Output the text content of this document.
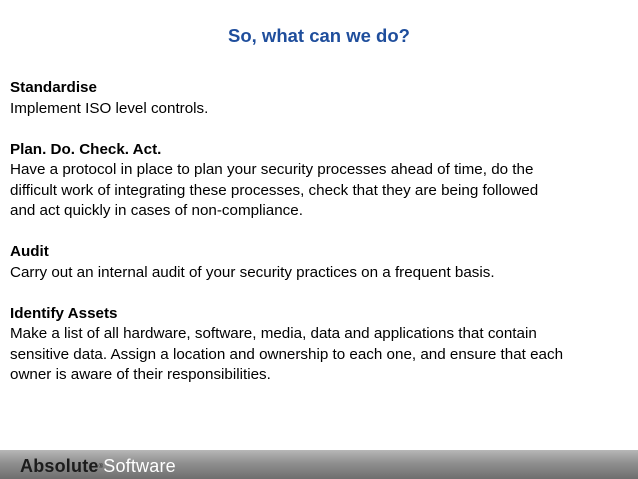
So, what can we do?
Standardise
Implement ISO level controls.
Plan. Do. Check. Act.
Have a protocol in place to plan your security processes ahead of time, do the
difficult work of integrating these processes, check that they are being followed
and act quickly in cases of non-compliance.
Audit
Carry out an internal audit of your security practices on a frequent basis.
Identify Assets
Make a list of all hardware, software, media, data and applications that contain
sensitive data. Assign a location and ownership to each one, and ensure that each
owner is aware of their responsibilities.
Absolute®Software
